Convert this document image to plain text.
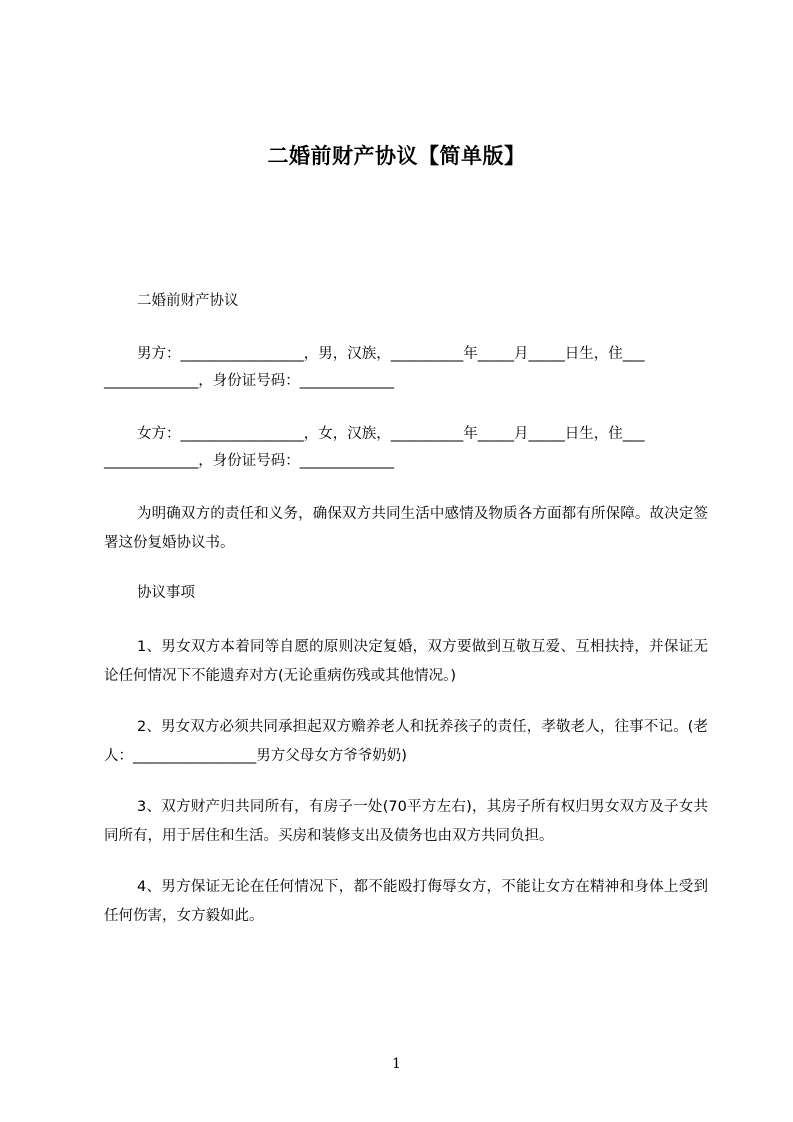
二婚前财产协议【简单版】
二婚前财产协议
男方：_________________，男，汉族，__________年_____月_____日生，住___
_____________，身份证号码：_____________
女方：_________________，女，汉族，__________年_____月_____日生，住___
_____________，身份证号码：_____________
为明确双方的责任和义务，确保双方共同生活中感情及物质各方面都有所保障。故决定签署这份复婚协议书。
协议事项
1、男女双方本着同等自愿的原则决定复婚，双方要做到互敬互爱、互相扶持，并保证无论任何情况下不能遗弃对方(无论重病伤残或其他情况。)
2、男女双方必须共同承担起双方赡养老人和抚养孩子的责任，孝敬老人，往事不记。(老人：_________________男方父母女方爷爷奶奶)
3、双方财产归共同所有，有房子一处(70平方左右)，其房子所有权归男女双方及子女共同所有，用于居住和生活。买房和装修支出及债务也由双方共同负担。
4、男方保证无论在任何情况下，都不能殴打侮辱女方，不能让女方在精神和身体上受到任何伤害，女方毅如此。
1
